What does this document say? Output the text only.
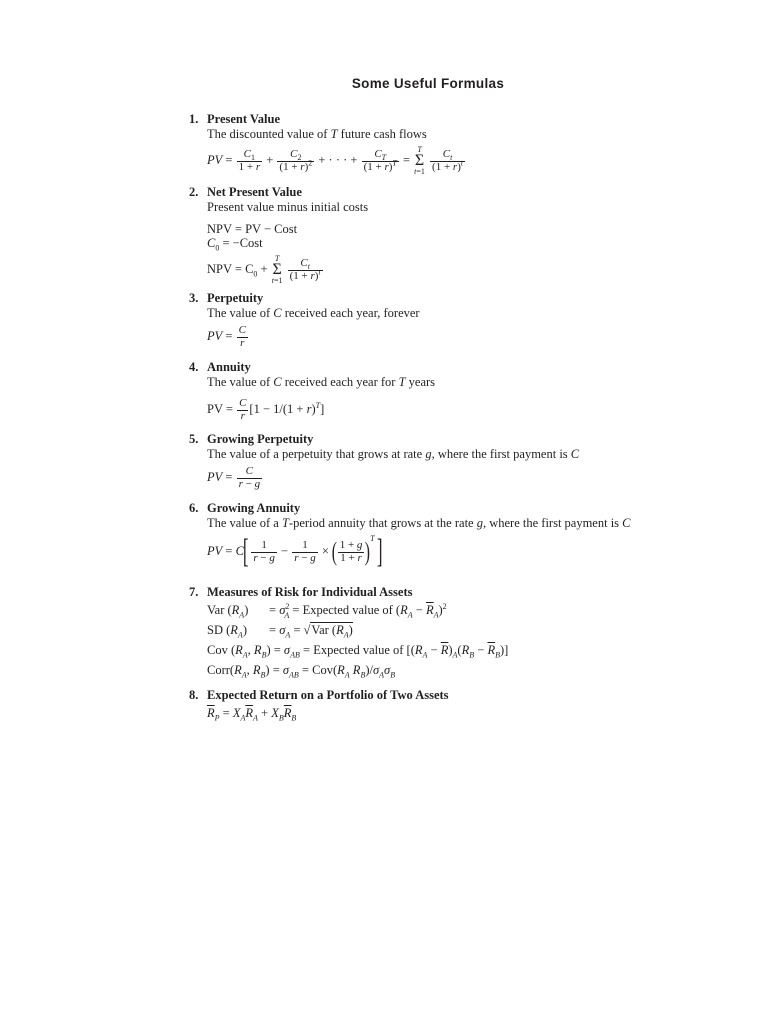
Some Useful Formulas
1. Present Value
The discounted value of T future cash flows
PV = $\frac{C_1}{1 + r} + \frac{C_2}{(1 + r)^2}$ + · · · + $\frac{C_T}{(1 + r)^T} = T$
Σ
$t=1 \frac{C_t}{(1 + r)^t}$
2. Net Present Value
Present value minus initial costs
NPV = PV − Cost
$C_0$ = −Cost
NPV = $C_0 + T$
Σ
$t=1 \frac{C_t}{(1 + r)^t}$
3. Perpetuity
The value of C received each year, forever
PV = $\frac{C}{r}$
4. Annuity
The value of C received each year for T years
PV = $\frac{C}{r} [1 - 1/(1 + r)^T]$
5. Growing Perpetuity
The value of a perpetuity that grows at rate g, where the first payment is C
PV = $\frac{C}{r - g}$
6. Growing Annuity
The value of a T-period annuity that grows at the rate g, where the first payment is C
PV = $C[ \frac{1}{r - g} - \frac{1}{r - g}$ × ( $\frac{1 + g}{1 + r} )^T$ ]
7. Measures of Risk for Individual Assets
Var $(R_A) = \sigma^2_A$ = Expected value of $(R_A - \overline{R}_A)^2$
SD $(R_A) = \sigma_A = √Var$ $(R_A)$
Cov ($R_A$, $R_B) = \sigma_{AB}$ = Expected value of $[(R_A - \overline{R})_A(R_B - \overline{R}_B)]$
$Corr(R_A$, $R_B) = \sigma_{AB} = Cov(R_A$ $R_B)/\sigma_A\sigma_B$
8. Expected Return on a Portfolio of Two Assets
$\overline{R}_P = X_A\overline{R}_A + X_B\overline{R}_B$
